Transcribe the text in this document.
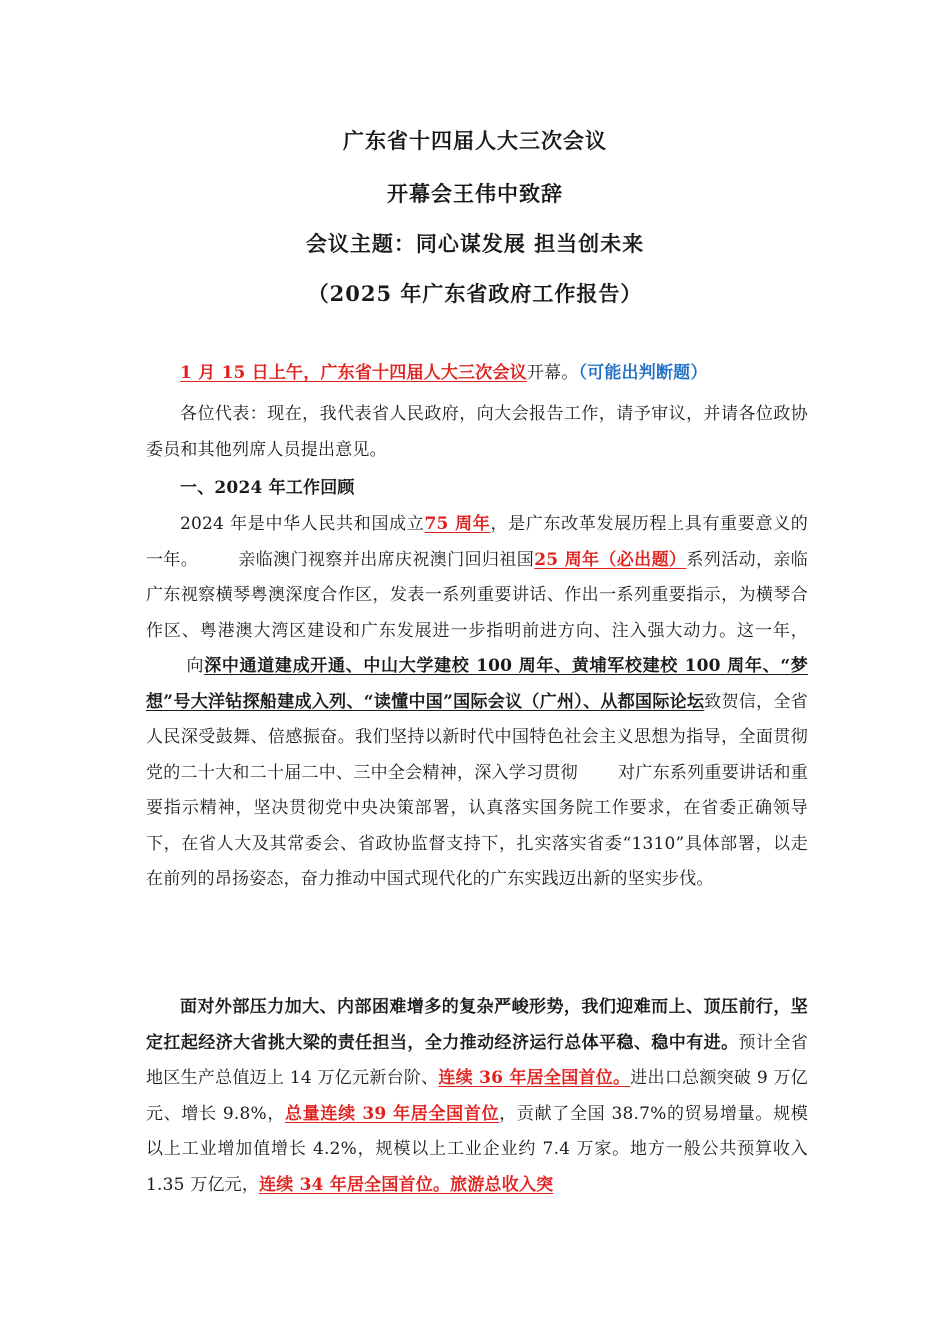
广东省十四届人大三次会议
开幕会王伟中致辞
会议主题：同心谋发展 担当创未来
（2025 年广东省政府工作报告）

1 月 15 日上午，广东省十四届人大三次会议开幕。（可能出判断题）

各位代表：现在，我代表省人民政府，向大会报告工作，请予审议，并请各位政协委员和其他列席人员提出意见。

一、2024 年工作回顾

2024 年是中华人民共和国成立75 周年，是广东改革发展历程上具有重要意义的一年。 亲临澳门视察并出席庆祝澳门回归祖国25 周年（必出题）系列活动，亲临广东视察横琴粤澳深度合作区，发表一系列重要讲话、作出一系列重要指示，为横琴合作区、粤港澳大湾区建设和广东发展进一步指明前进方向、注入强大动力。这一年，向深中通道建成开通、中山大学建校 100 周年、黄埔军校建校 100 周年、“梦想”号大洋钻探船建成入列、“读懂中国”国际会议（广州）、从都国际论坛致贺信，全省人民深受鼓舞、倍感振奋。我们坚持以新时代中国特色社会主义思想为指导，全面贯彻党的二十大和二十届二中、三中全会精神，深入学习贯彻 对广东系列重要讲话和重要指示精神，坚决贯彻党中央决策部署，认真落实国务院工作要求，在省委正确领导下，在省人大及其常委会、省政协监督支持下，扎实落实省委“1310”具体部署，以走在前列的昂扬姿态，奋力推动中国式现代化的广东实践迈出新的坚实步伐。

面对外部压力加大、内部困难增多的复杂严峻形势，我们迎难而上、顶压前行，坚定扛起经济大省挑大梁的责任担当，全力推动经济运行总体平稳、稳中有进。预计全省地区生产总值迈上 14 万亿元新台阶、连续 36 年居全国首位。进出口总额突破 9 万亿元、增长 9.8%，总量连续 39 年居全国首位，贡献了全国 38.7%的贸易增量。规模以上工业增加值增长 4.2%，规模以上工业企业约 7.4 万家。地方一般公共预算收入 1.35 万亿元，连续 34 年居全国首位。旅游总收入突
